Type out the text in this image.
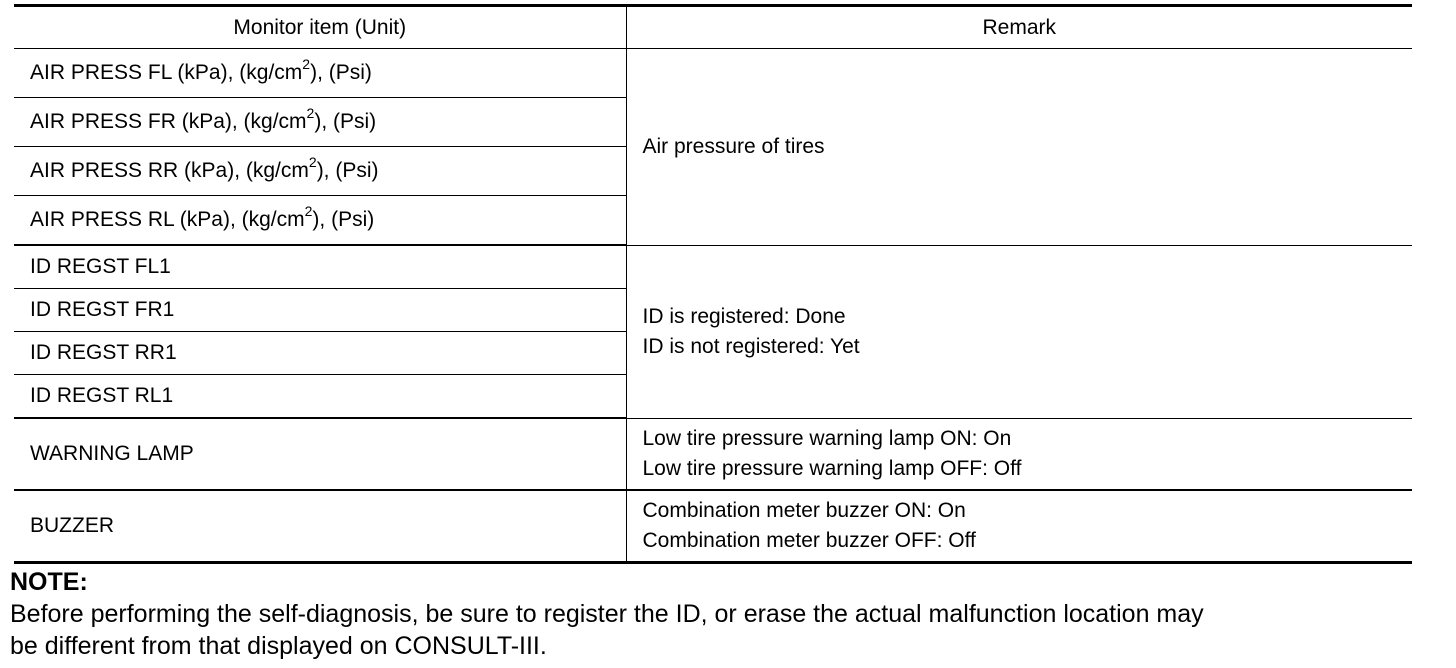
Monitor item (Unit)	Remark
AIR PRESS FL (kPa), $(kg/cm^2)$, (Psi)	Air pressure of tires
AIR PRESS FR (kPa), $(kg/cm^2)$, (Psi)	
AIR PRESS RR (kPa), $(kg/cm^2)$, (Psi)	
AIR PRESS RL (kPa), $(kg/cm^2)$, (Psi)	
ID REGST FL1	ID is registered: Done
ID is not registered: Yet

ID REGST FR1	
ID REGST RR1	
ID REGST RL1	
WARNING LAMP	Low tire pressure warning lamp ON: On
Low tire pressure warning lamp OFF: Off

BUZZER	Combination meter buzzer ON: On
Combination meter buzzer OFF: Off
NOTE:
Before performing the self-diagnosis, be sure to register the ID, or erase the actual malfunction location may
be different from that displayed on CONSULT-III.
